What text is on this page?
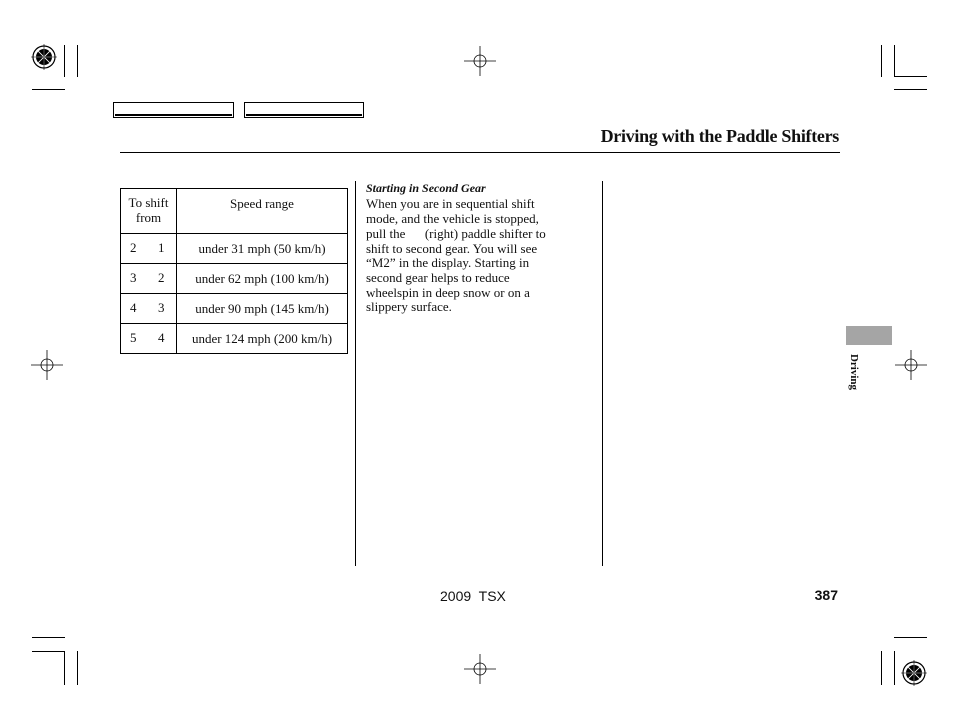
Driving with the Paddle Shifters
To shift
from	Speed range

2 1	under 31 mph (50 km/h)

3 2	under 62 mph (100 km/h)

4 3	under 90 mph (145 km/h)

5 4	under 124 mph (200 km/h)
Starting in Second Gear
When you are in sequential shift
mode, and the vehicle is stopped,
pull the      (right) paddle shifter to
shift to second gear. You will see
“M2” in the display. Starting in
second gear helps to reduce
wheelspin in deep snow or on a
slippery surface.
Driving
2009  TSX	387
